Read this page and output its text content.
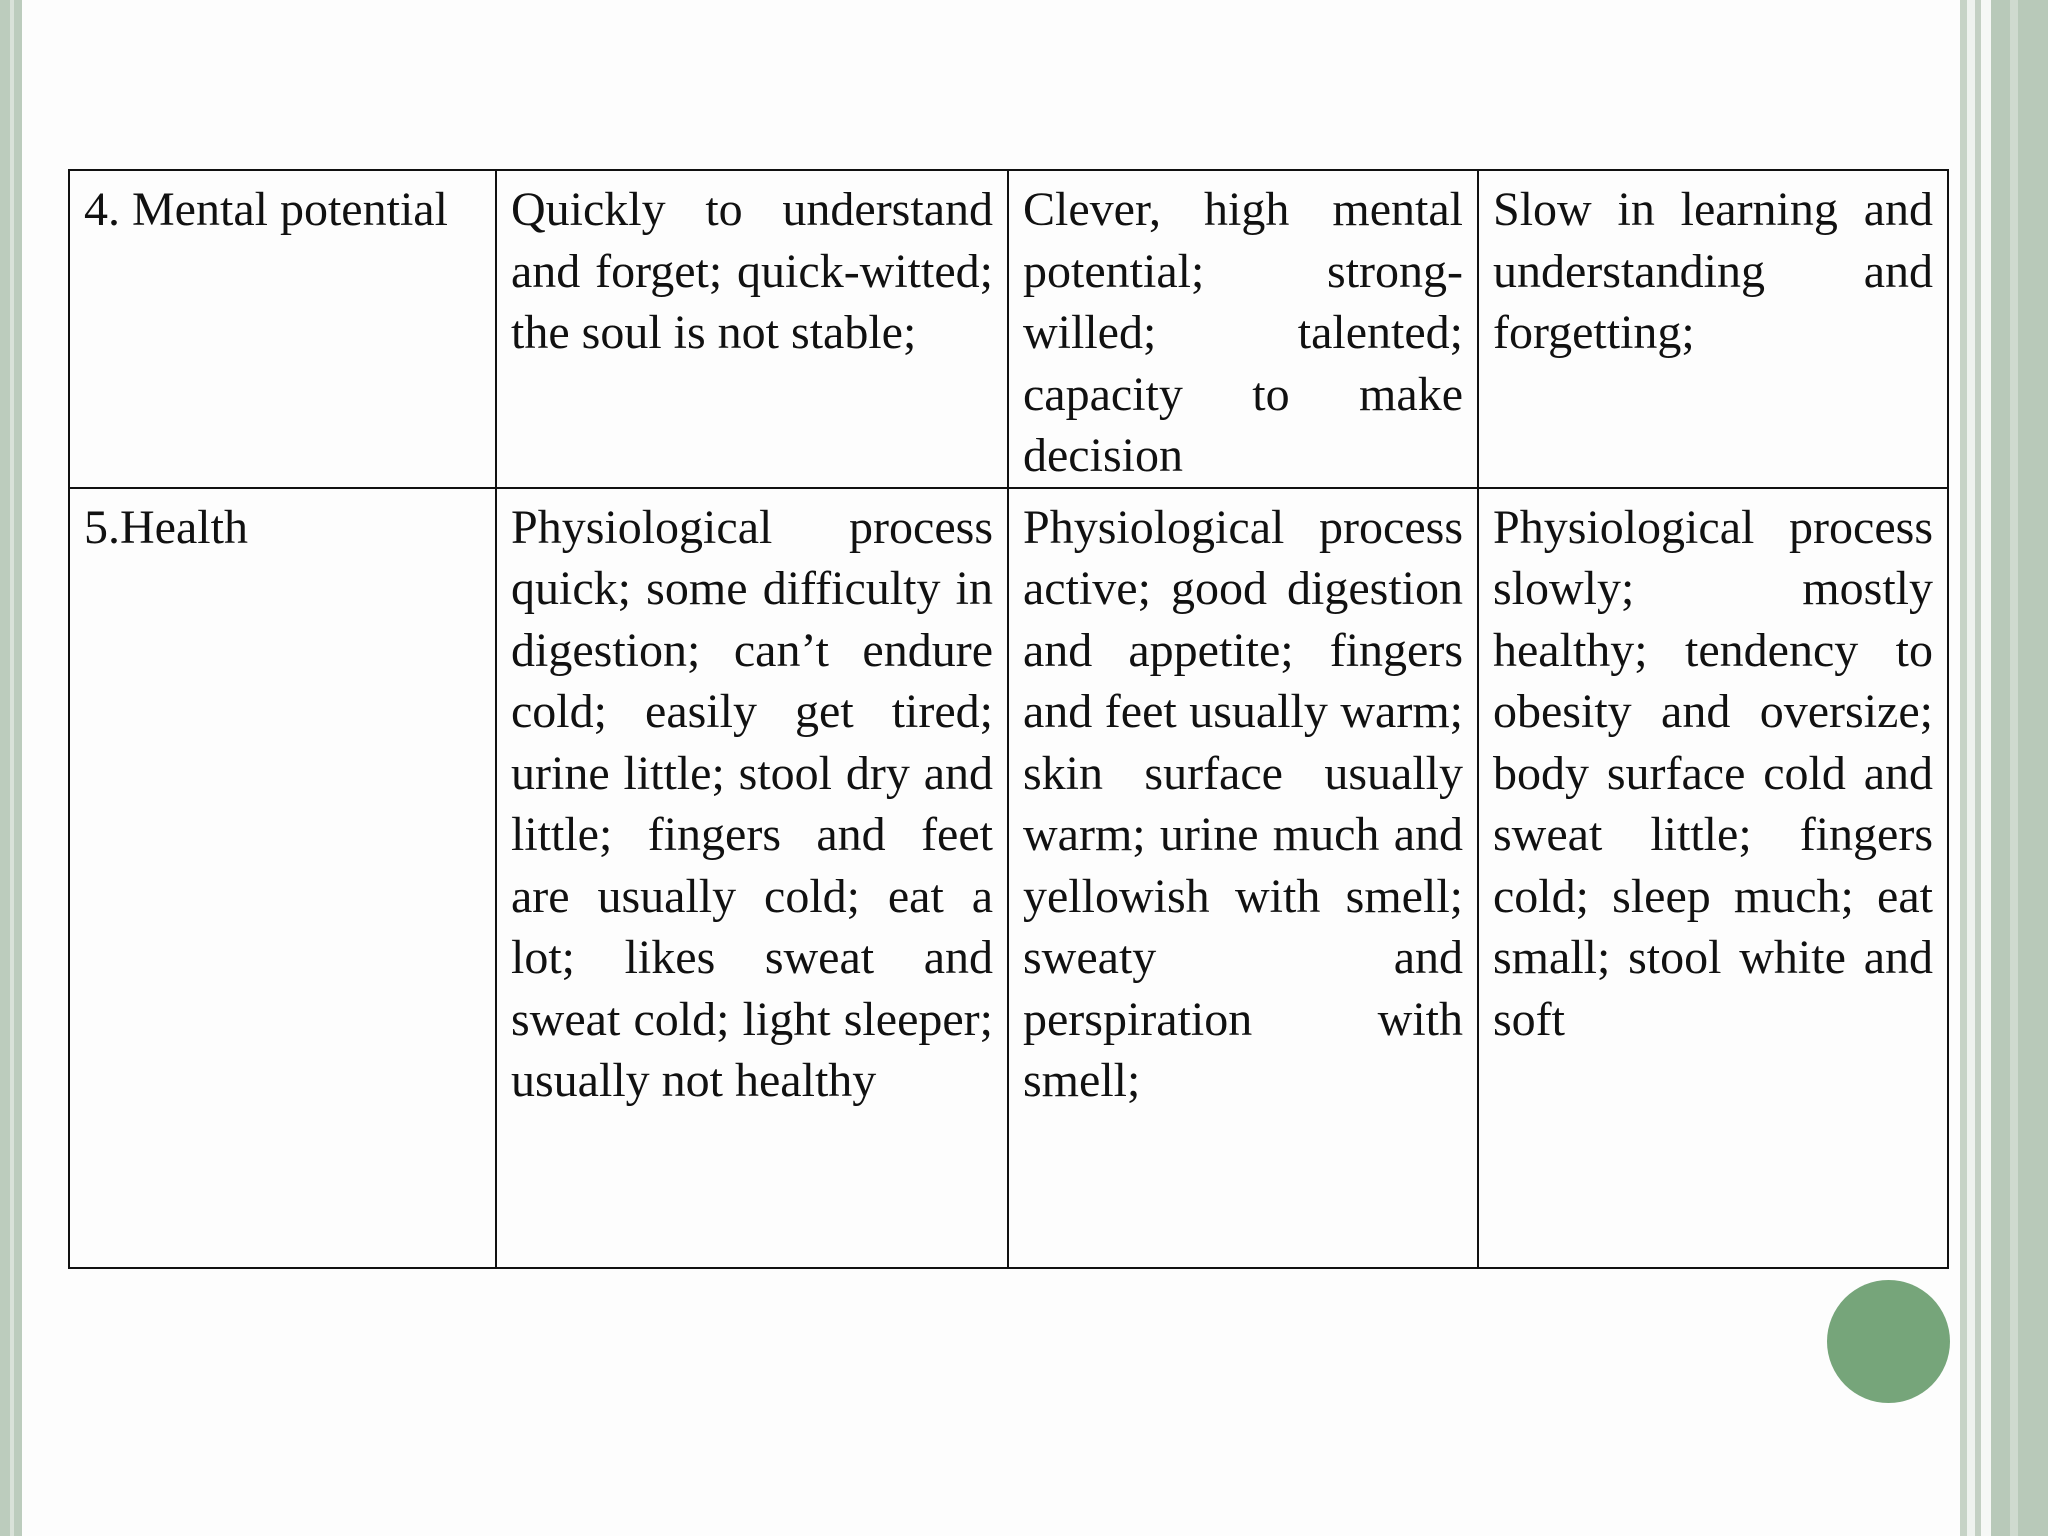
4. Mental potential	Quickly to understand and forget; quick-witted; the soul is not stable;	Clever, high mental potential; strong-willed; talented; capacity to make decision	Slow in learning and understanding and forgetting;
5.Health	Physiological process quick; some difficulty in digestion; can’t endure cold; easily get tired; urine little; stool dry and little; fingers and feet are usually cold; eat a lot; likes sweat and sweat cold; light sleeper; usually not healthy	Physiological process active; good digestion and appetite; fingers and feet usually warm; skin surface usually warm; urine much and yellowish with smell; sweaty and perspiration with smell;	Physiological process slowly; mostly healthy; tendency to obesity and oversize; body surface cold and sweat little; fingers cold; sleep much; eat small; stool white and soft
